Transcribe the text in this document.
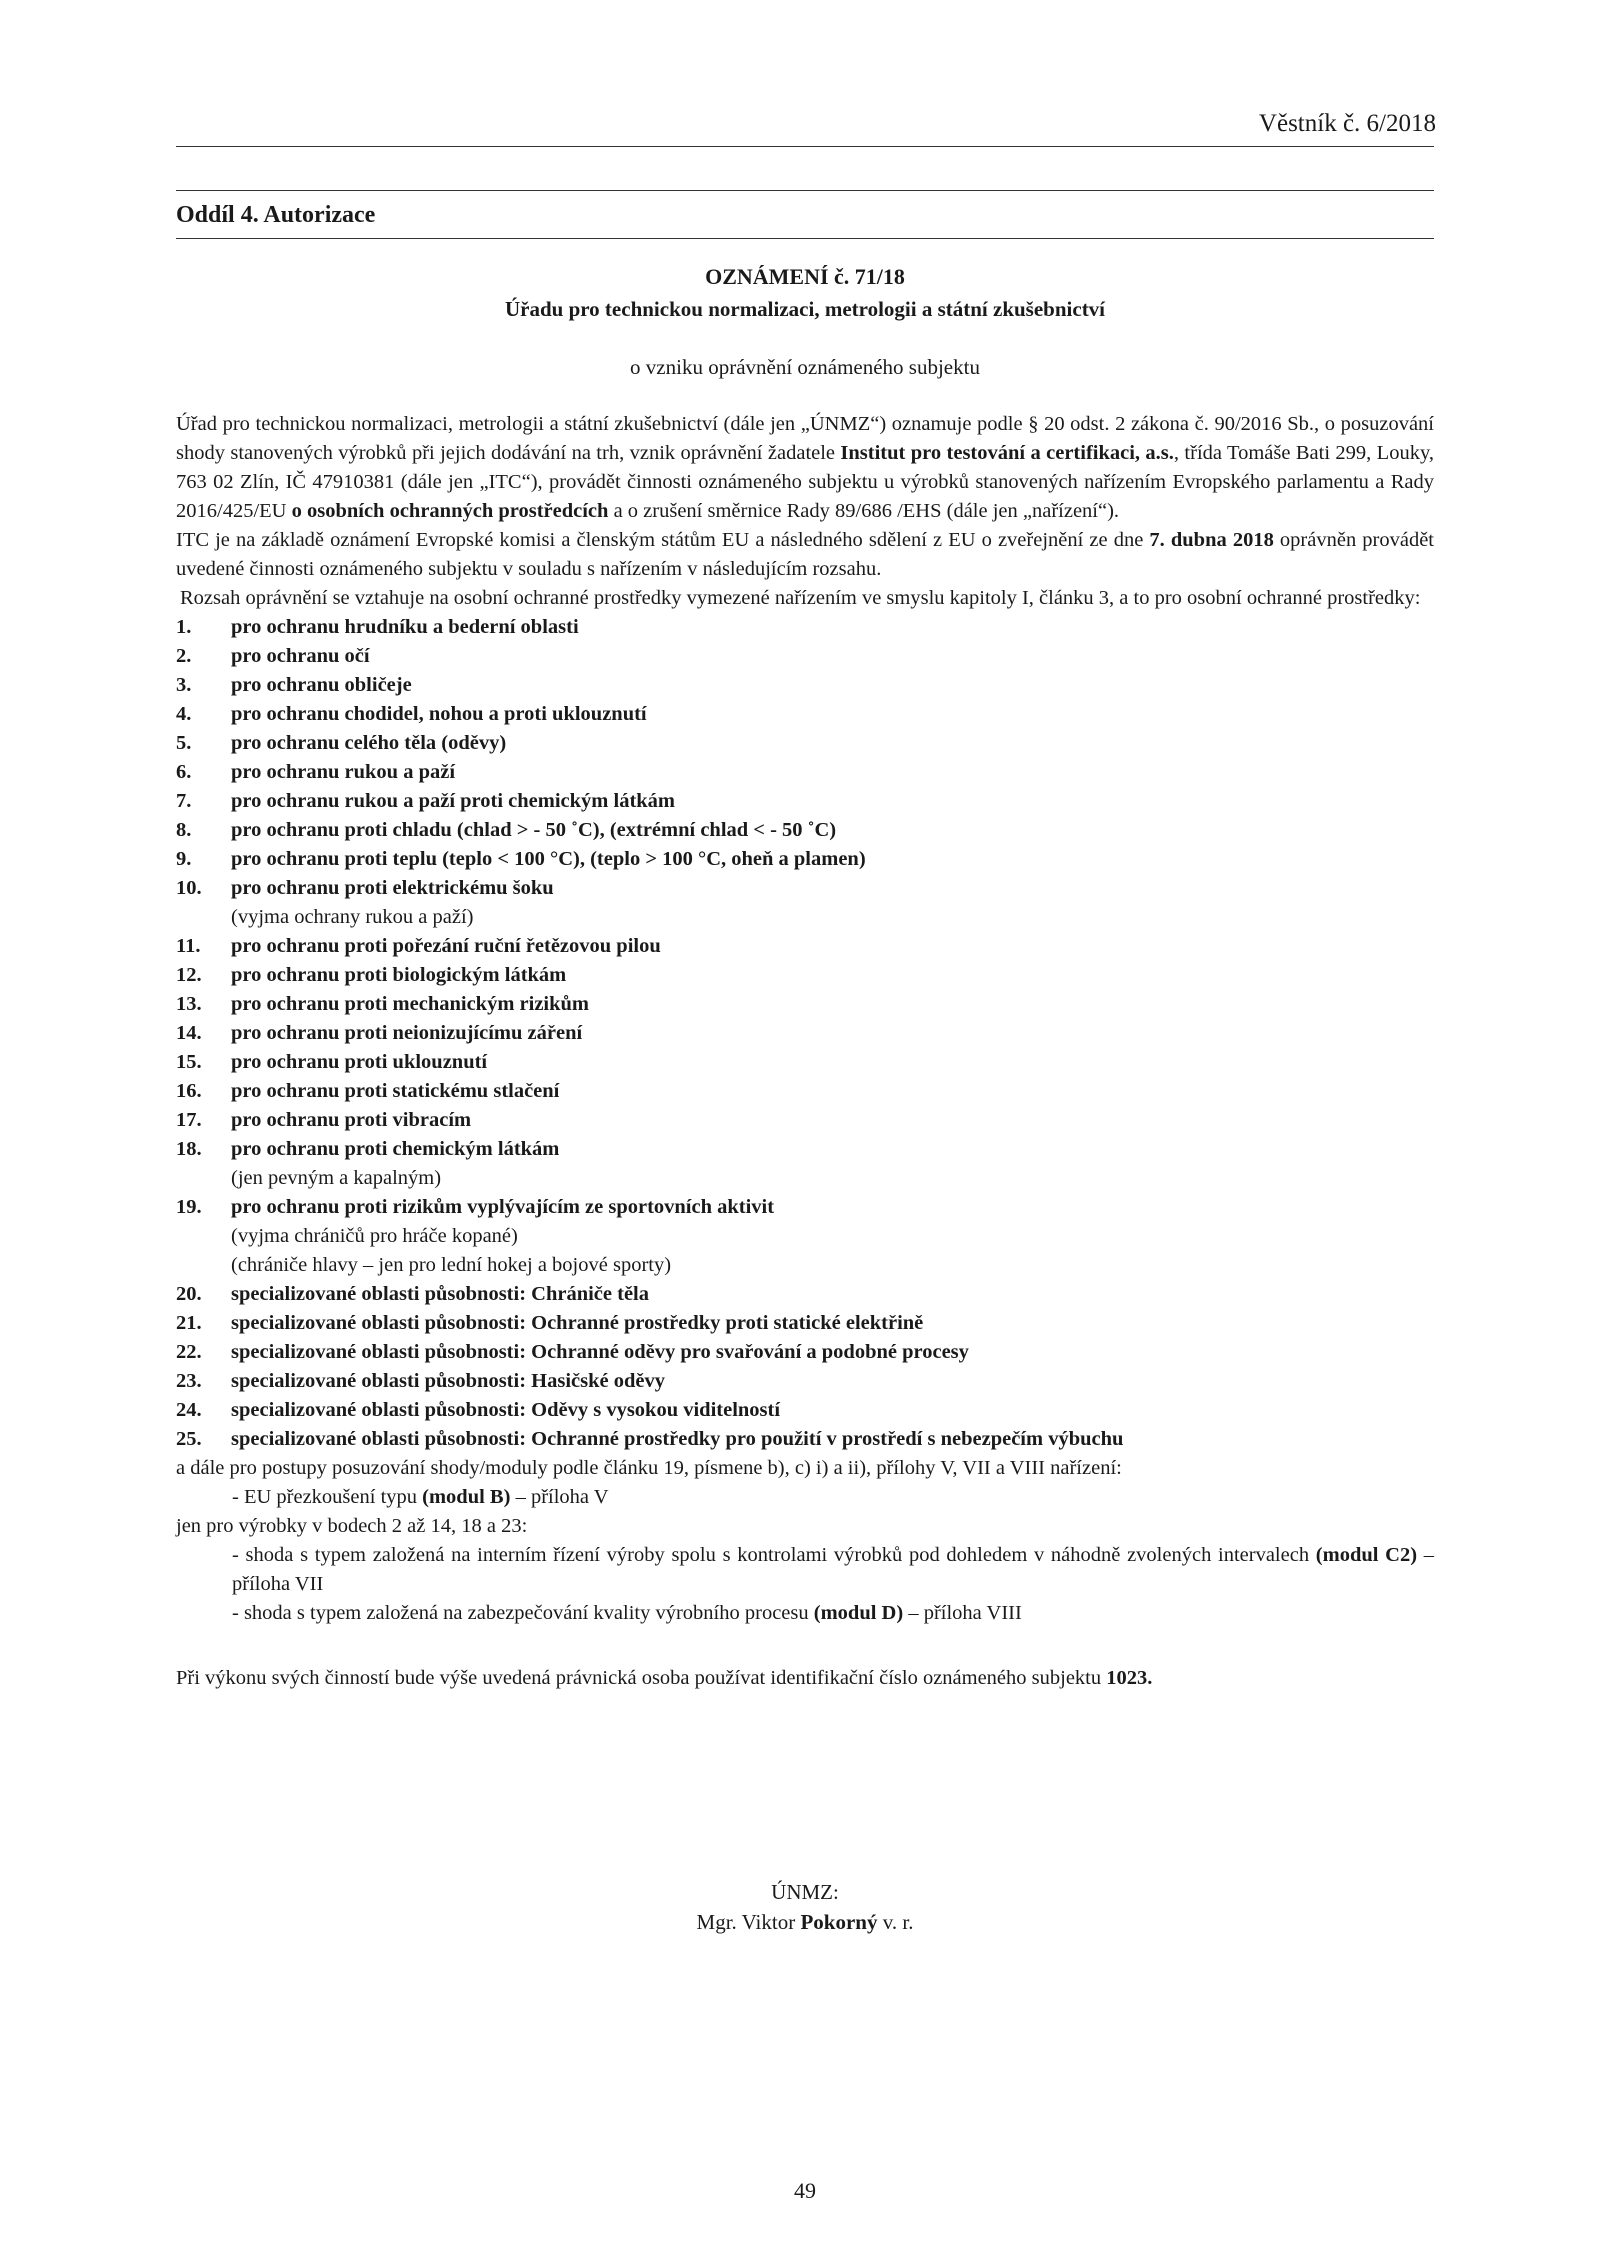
Věstník č. 6/2018
Oddíl 4. Autorizace
OZNÁMENÍ č. 71/18
Úřadu pro technickou normalizaci, metrologii a státní zkušebnictví
o vzniku oprávnění oznámeného subjektu

Úřad pro technickou normalizaci, metrologii a státní zkušebnictví (dále jen „ÚNMZ“) oznamuje podle § 20 odst. 2 zákona č. 90/2016 Sb., o posuzování shody stanovených výrobků při jejich dodávání na trh, vznik oprávnění žadatele Institut pro testování a certifikaci, a.s., třída Tomáše Bati 299, Louky, 763 02 Zlín, IČ 47910381 (dále jen „ITC“), provádět činnosti oznámeného subjektu u výrobků stanovených nařízením Evropského parlamentu a Rady 2016/425/EU o osobních ochranných prostředcích a o zrušení směrnice Rady 89/686 /EHS (dále jen „nařízení“).

ITC je na základě oznámení Evropské komisi a členským státům EU a následného sdělení z EU o zveřejnění ze dne 7. dubna 2018 oprávněn provádět uvedené činnosti oznámeného subjektu v souladu s nařízením v následujícím rozsahu.

Rozsah oprávnění se vztahuje na osobní ochranné prostředky vymezené nařízením ve smyslu kapitoly I, článku 3, a to pro osobní ochranné prostředky:

1. pro ochranu hrudníku a bederní oblasti
2. pro ochranu očí
3. pro ochranu obličeje
4. pro ochranu chodidel, nohou a proti uklouznutí
5. pro ochranu celého těla (oděvy)
6. pro ochranu rukou a paží
7. pro ochranu rukou a paží proti chemickým látkám
8. pro ochranu proti chladu (chlad > - 50 ˚C), (extrémní chlad < - 50 ˚C)
9. pro ochranu proti teplu (teplo < 100 °C), (teplo > 100 °C, oheň a plamen)
10. pro ochranu proti elektrickému šoku
(vyjma ochrany rukou a paží)
11. pro ochranu proti pořezání ruční řetězovou pilou
12. pro ochranu proti biologickým látkám
13. pro ochranu proti mechanickým rizikům
14. pro ochranu proti neionizujícímu záření
15. pro ochranu proti uklouznutí
16. pro ochranu proti statickému stlačení
17. pro ochranu proti vibracím
18. pro ochranu proti chemickým látkám
(jen pevným a kapalným)
19. pro ochranu proti rizikům vyplývajícím ze sportovních aktivit
(vyjma chráničů pro hráče kopané)
(chrániče hlavy – jen pro lední hokej a bojové sporty)
20. specializované oblasti působnosti: Chrániče těla
21. specializované oblasti působnosti: Ochranné prostředky proti statické elektřině
22. specializované oblasti působnosti: Ochranné oděvy pro svařování a podobné procesy
23. specializované oblasti působnosti: Hasičské oděvy
24. specializované oblasti působnosti: Oděvy s vysokou viditelností
25. specializované oblasti působnosti: Ochranné prostředky pro použití v prostředí s nebezpečím výbuchu
a dále pro postupy posuzování shody/moduly podle článku 19, písmene b), c) i) a ii), přílohy V, VII a VIII nařízení:
- EU přezkoušení typu (modul B) – příloha V
jen pro výrobky v bodech 2 až 14, 18 a 23:
- shoda s typem založená na interním řízení výroby spolu s kontrolami výrobků pod dohledem v náhodně zvolených intervalech (modul C2) – příloha VII
- shoda s typem založená na zabezpečování kvality výrobního procesu (modul D) – příloha VIII
Při výkonu svých činností bude výše uvedená právnická osoba používat identifikační číslo oznámeného subjektu 1023.
ÚNMZ:
Mgr. Viktor Pokorný v. r.
49
